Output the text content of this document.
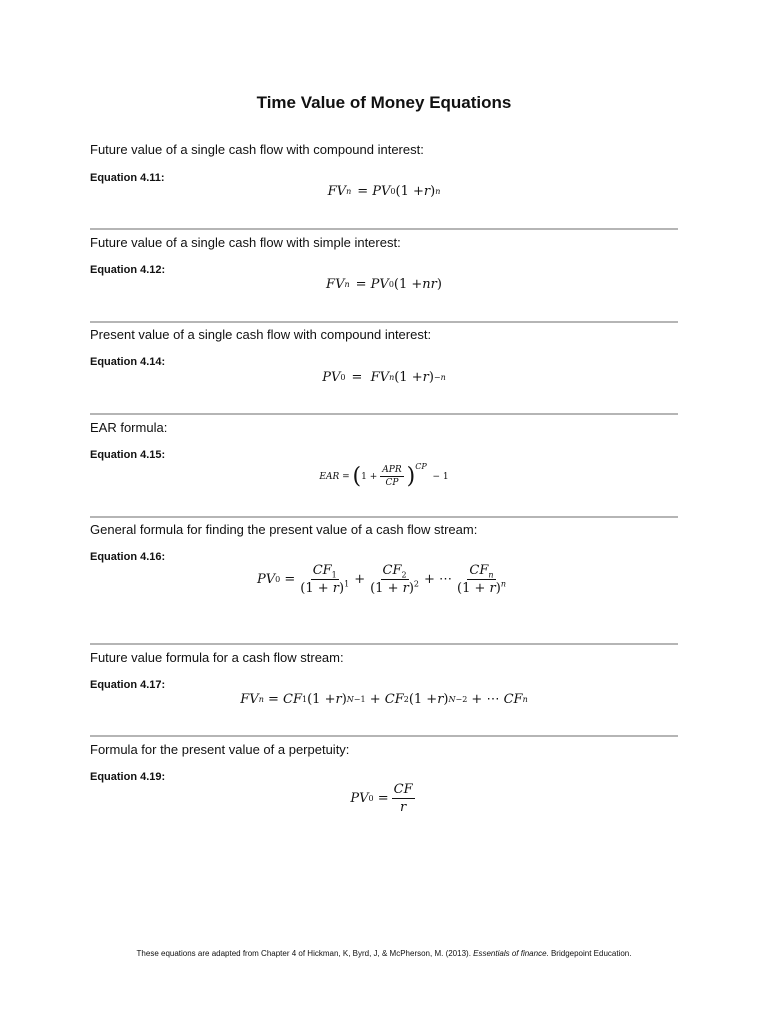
Time Value of Money Equations
Future value of a single cash flow with compound interest:
Equation 4.11:
FV n = PV 0 (1 + r ) n
Future value of a single cash flow with simple interest:
Equation 4.12:
FV n = PV 0 (1 + nr )
Present value of a single cash flow with compound interest:
Equation 4.14:
PV 0 = FV n (1 + r ) −n
EAR formula:
Equation 4.15:
EAR =
( $1 + \frac{\text{APR}}{CP} )^{CP}$

− 1
General formula for finding the present value of a cash flow stream:
Equation 4.16:
PV 0
= $\frac{CF_1}{(1 + r)^1} + \frac{CF_2}{(1 + r)^2}$ + ⋯ $\frac{CF_n}{(1 + r)^n}$
Future value formula for a cash flow stream:
Equation 4.17:
FV n
= CF 1 (1 + r ) N−1
+ CF 2 (1 + r ) N−2
+ ⋯ CF n
Formula for the present value of a perpetuity:
Equation 4.19:
PV 0
= $\frac{CF}{r}$
These equations are adapted from Chapter 4 of Hickman, K, Byrd, J, & McPherson, M. (2013). Essentials of finance. Bridgepoint Education.
